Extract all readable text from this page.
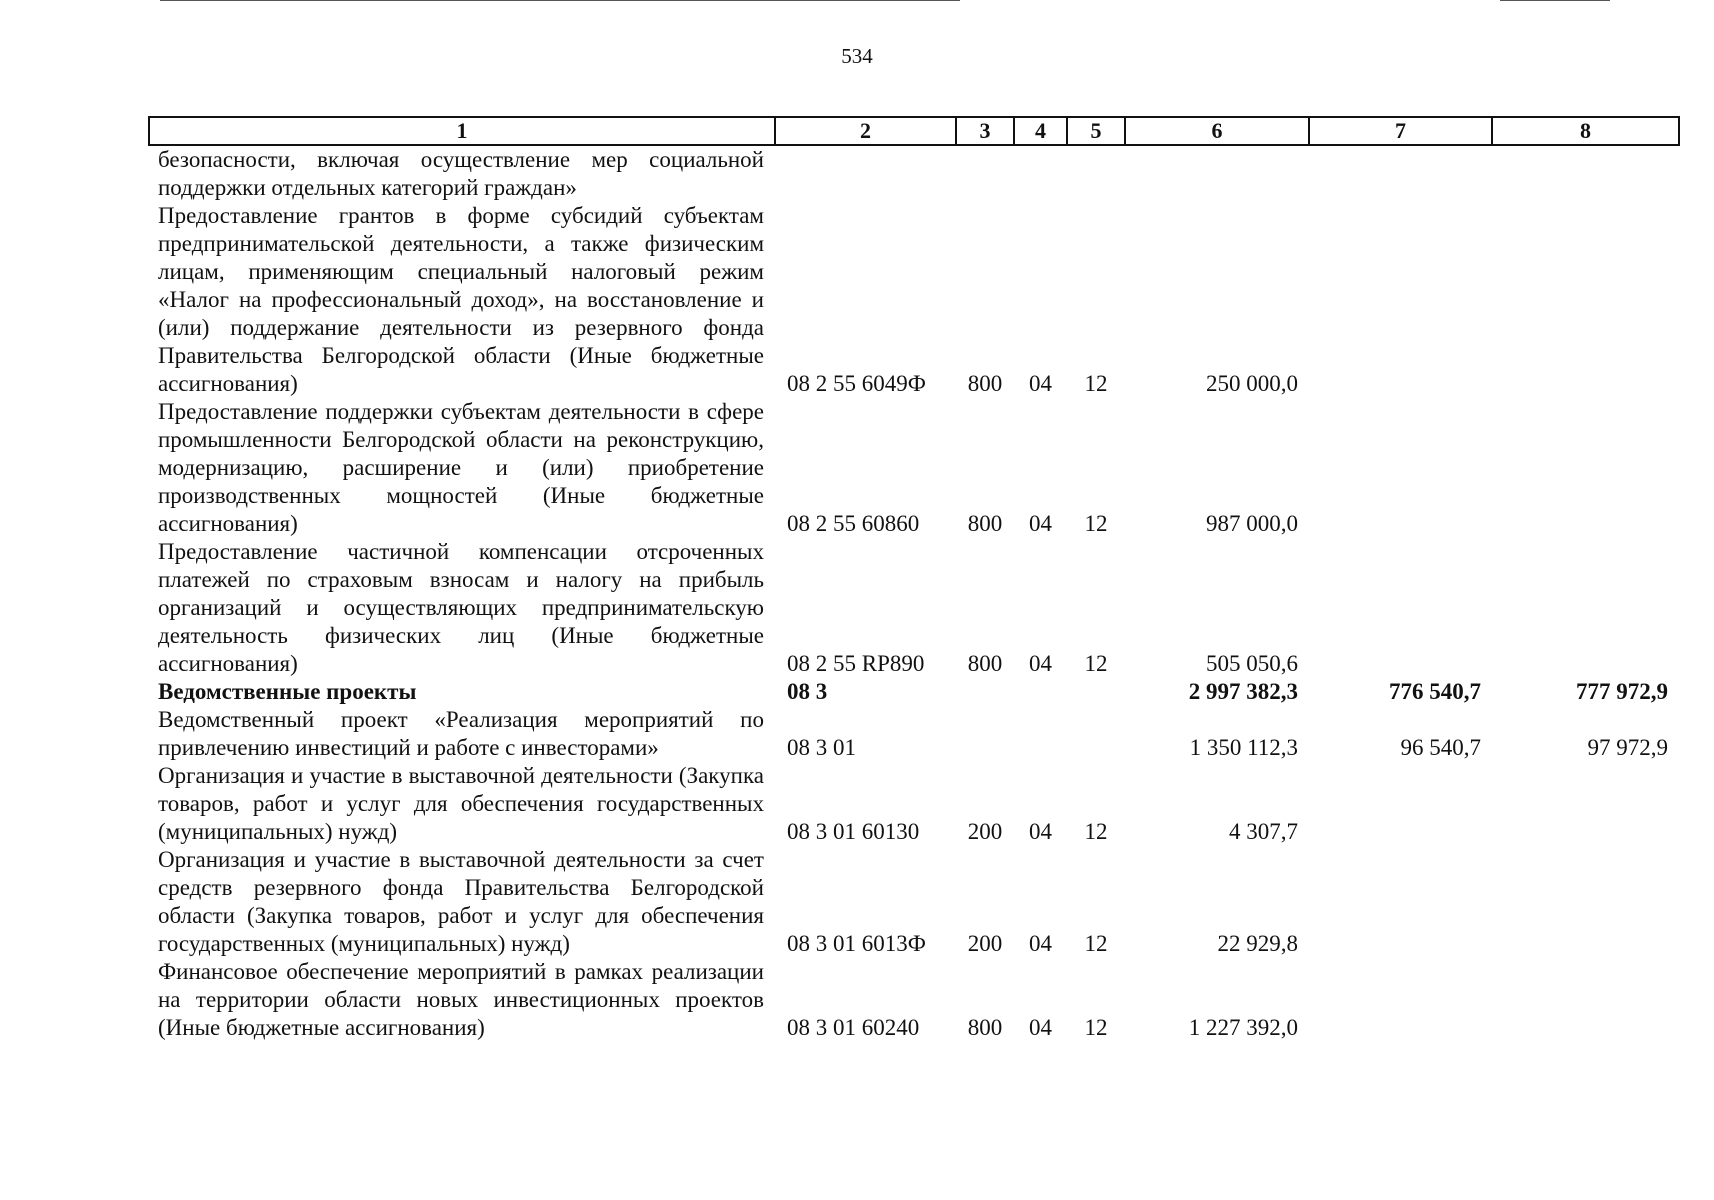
534
1	2	3	4	5	6	7	8
безопасности, включая осуществление мер социальной поддержки отдельных категорий граждан»							
Предоставление грантов в форме субсидий субъектам предпринимательской деятельности, а также физическим лицам, применяющим специальный налоговый режим «Налог на профессиональный доход», на восстановление и (или) поддержание деятельности из резервного фонда Правительства Белгородской области (Иные бюджетные ассигнования)	08 2 55 6049Ф	800	04	12	250 000,0		
Предоставление поддержки субъектам деятельности в сфере промышленности Белгородской области на реконструкцию, модернизацию, расширение и (или) приобретение производственных мощностей (Иные бюджетные ассигнования)	08 2 55 60860	800	04	12	987 000,0		
Предоставление частичной компенсации отсроченных платежей по страховым взносам и налогу на прибыль организаций и осуществляющих предпринимательскую деятельность физических лиц (Иные бюджетные ассигнования)	08 2 55 RP890	800	04	12	505 050,6		
Ведомственные проекты	08 3				2 997 382,3	776 540,7	777 972,9
Ведомственный проект «Реализация мероприятий по привлечению инвестиций и работе с инвесторами»	08 3 01				1 350 112,3	96 540,7	97 972,9
Организация и участие в выставочной деятельности (Закупка товаров, работ и услуг для обеспечения государственных (муниципальных) нужд)	08 3 01 60130	200	04	12	4 307,7		
Организация и участие в выставочной деятельности за счет средств резервного фонда Правительства Белгородской области (Закупка товаров, работ и услуг для обеспечения государственных (муниципальных) нужд)	08 3 01 6013Ф	200	04	12	22 929,8		
Финансовое обеспечение мероприятий в рамках реализации на территории области новых инвестиционных проектов (Иные бюджетные ассигнования)	08 3 01 60240	800	04	12	1 227 392,0		
